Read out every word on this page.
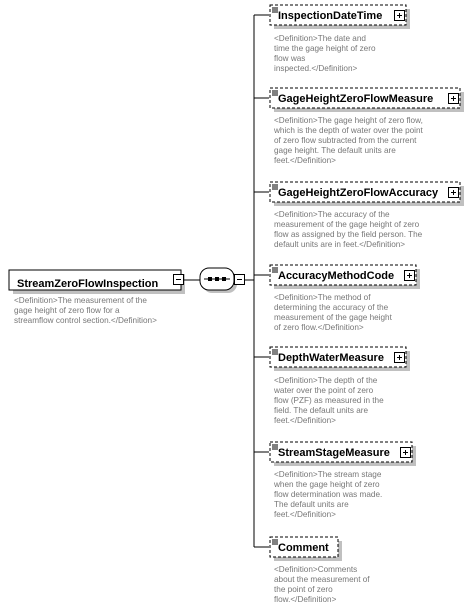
StreamZeroFlowInspection
InspectionDateTime
GageHeightZeroFlowMeasure
GageHeightZeroFlowAccuracy
AccuracyMethodCode
DepthWaterMeasure
StreamStageMeasure
Comment
<Definition>The measurement of the
gage height of zero flow for a
streamflow control section.</Definition>
<Definition>The date and
time the gage height of zero
flow was
inspected.</Definition>
<Definition>The gage height of zero flow,
which is the depth of water over the point
of zero flow subtracted from the current
gage height. The default units are
feet.</Definition>
<Definition>The accuracy of the
measurement of the gage height of zero
flow as assigned by the field person. The
default units are in feet.</Definition>
<Definition>The method of
determining the accuracy of the
measurement of the gage height
of zero flow.</Definition>
<Definition>The depth of the
water over the point of zero
flow (PZF) as measured in the
field. The default units are
feet.</Definition>
<Definition>The stream stage
when the gage height of zero
flow determination was made.
The default units are
feet.</Definition>
<Definition>Comments
about the measurement of
the point of zero
flow.</Definition>
